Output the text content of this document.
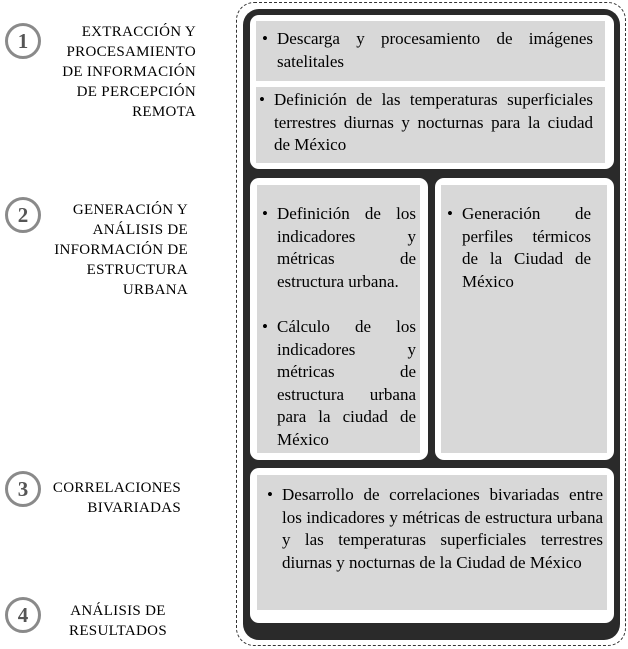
1	EXTRACCIÓN Y
PROCESAMIENTO
DE INFORMACIÓN
DE PERCEPCIÓN
REMOTA
2	GENERACIÓN Y
ANÁLISIS DE
INFORMACIÓN DE
ESTRUCTURA
URBANA
3	CORRELACIONES
BIVARIADAS
4	ANÁLISIS DE
RESULTADOS
• Descarga y procesamiento de imágenes satelitales
• Definición de las temperaturas superficiales terrestres diurnas y nocturnas para la ciudad de México
• Definición de los indicadores y métricas de estructura urbana.
• Cálculo de los indicadores y métricas de estructura urbana para la ciudad de México
• Generación de perfiles térmicos de la Ciudad de México
• Desarrollo de correlaciones bivariadas entre los indicadores y métricas de estructura urbana y las temperaturas superficiales terrestres diurnas y nocturnas de la Ciudad de México
